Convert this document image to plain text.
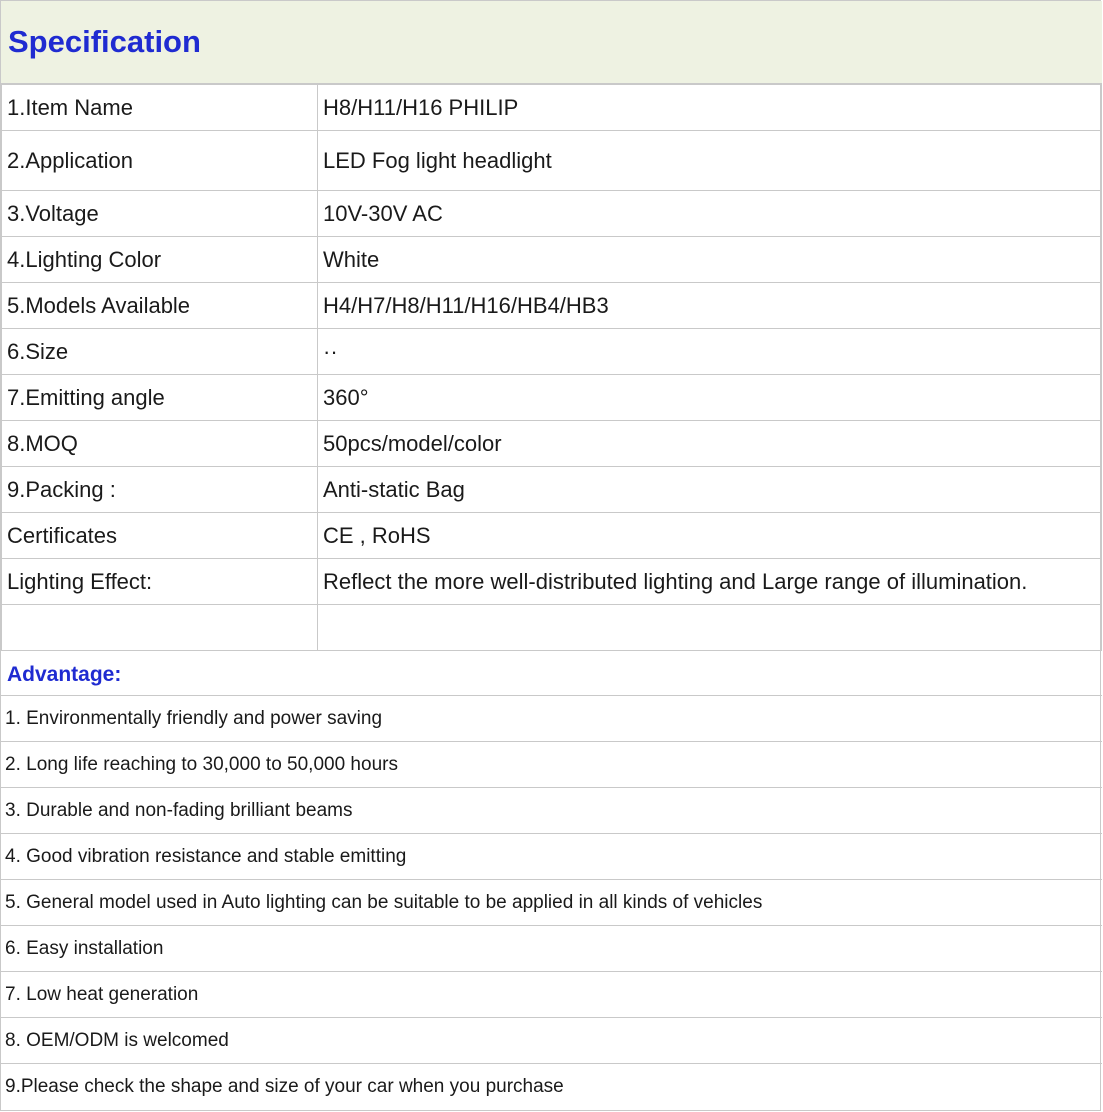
Specification
1.Item Name	H8/H11/H16 PHILIP
2.Application	LED Fog light headlight
3.Voltage	10V-30V AC
4.Lighting Color	White
5.Models Available	H4/H7/H8/H11/H16/HB4/HB3
6.Size	··
7.Emitting angle	360°
8.MOQ	50pcs/model/color
9.Packing :	Anti-static Bag
Certificates	CE , RoHS
Lighting Effect:	Reflect the more well-distributed lighting and Large range of illumination.

Advantage:
1. Environmentally friendly and power saving
2. Long life reaching to 30,000 to 50,000 hours
3. Durable and non-fading brilliant beams
4. Good vibration resistance and stable emitting
5. General model used in Auto lighting can be suitable to be applied in all kinds of vehicles
6. Easy installation
7. Low heat generation
8. OEM/ODM is welcomed
9.Please check the shape and size of your car when you purchase
